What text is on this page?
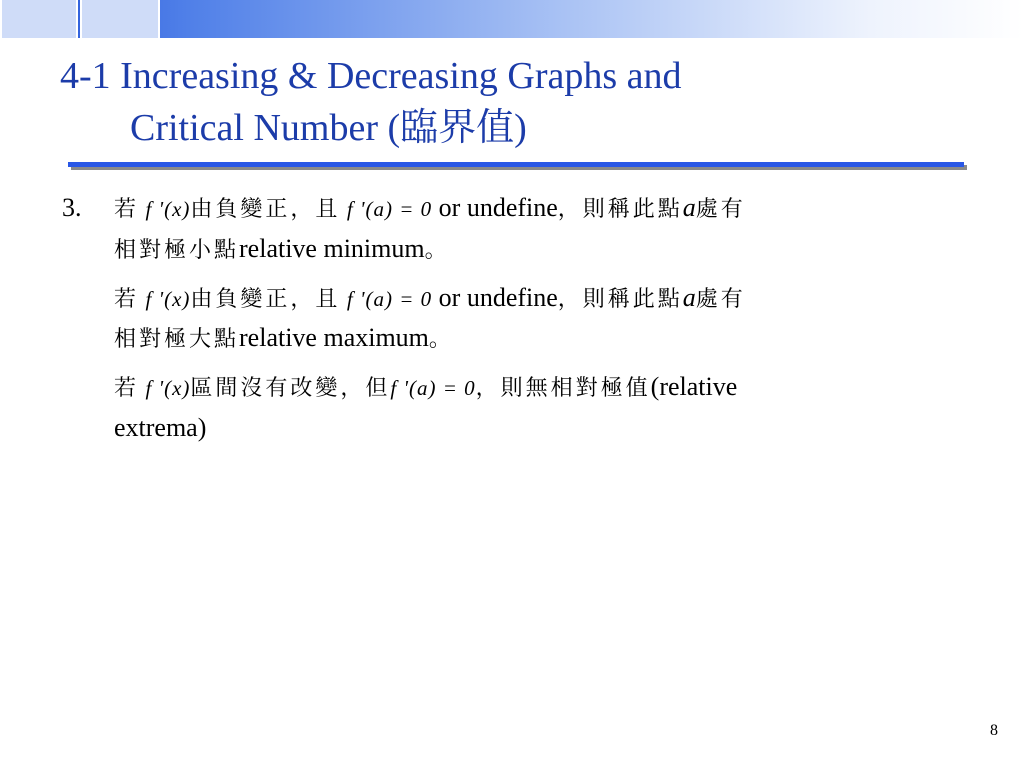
4-1 Increasing & Decreasing Graphs and
Critical Number (臨界值)
3. 若 f '(x)由負變正，且 f '(a) = 0 or undefine，則稱此點a處有
相對極小點relative minimum。
若 f '(x)由負變正，且 f '(a) = 0 or undefine，則稱此點a處有
相對極大點relative maximum。
若 f '(x)區間沒有改變，但f '(a) = 0，則無相對極值(relative
extrema)
8
